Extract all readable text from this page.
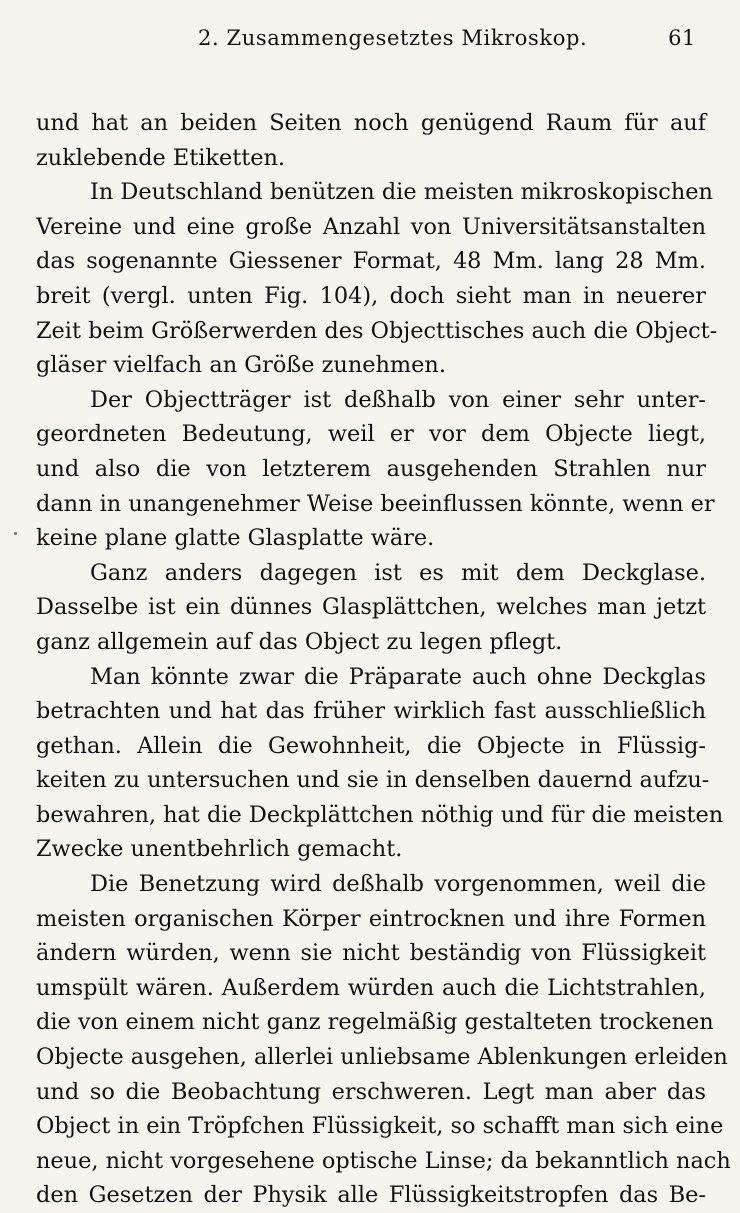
2. Zusammengesetztes Mikroskop.	61
und hat an beiden Seiten noch genügend Raum für auf
zuklebende Etiketten.
In Deutschland benützen die meisten mikroskopischen
Vereine und eine große Anzahl von Universitätsanstalten
das sogenannte Giessener Format, 48 Mm. lang 28 Mm.
breit (vergl. unten Fig. 104), doch sieht man in neuerer
Zeit beim Größerwerden des Objecttisches auch die Object-
gläser vielfach an Größe zunehmen.
Der Objectträger ist deßhalb von einer sehr unter-
geordneten Bedeutung, weil er vor dem Objecte liegt,
und also die von letzterem ausgehenden Strahlen nur
dann in unangenehmer Weise beeinflussen könnte, wenn er
keine plane glatte Glasplatte wäre.
Ganz anders dagegen ist es mit dem Deckglase.
Dasselbe ist ein dünnes Glasplättchen, welches man jetzt
ganz allgemein auf das Object zu legen pflegt.
Man könnte zwar die Präparate auch ohne Deckglas
betrachten und hat das früher wirklich fast ausschließlich
gethan. Allein die Gewohnheit, die Objecte in Flüssig-
keiten zu untersuchen und sie in denselben dauernd aufzu-
bewahren, hat die Deckplättchen nöthig und für die meisten
Zwecke unentbehrlich gemacht.
Die Benetzung wird deßhalb vorgenommen, weil die
meisten organischen Körper eintrocknen und ihre Formen
ändern würden, wenn sie nicht beständig von Flüssigkeit
umspült wären. Außerdem würden auch die Lichtstrahlen,
die von einem nicht ganz regelmäßig gestalteten trockenen
Objecte ausgehen, allerlei unliebsame Ablenkungen erleiden
und so die Beobachtung erschweren. Legt man aber das
Object in ein Tröpfchen Flüssigkeit, so schafft man sich eine
neue, nicht vorgesehene optische Linse; da bekanntlich nach
den Gesetzen der Physik alle Flüssigkeitstropfen das Be-
